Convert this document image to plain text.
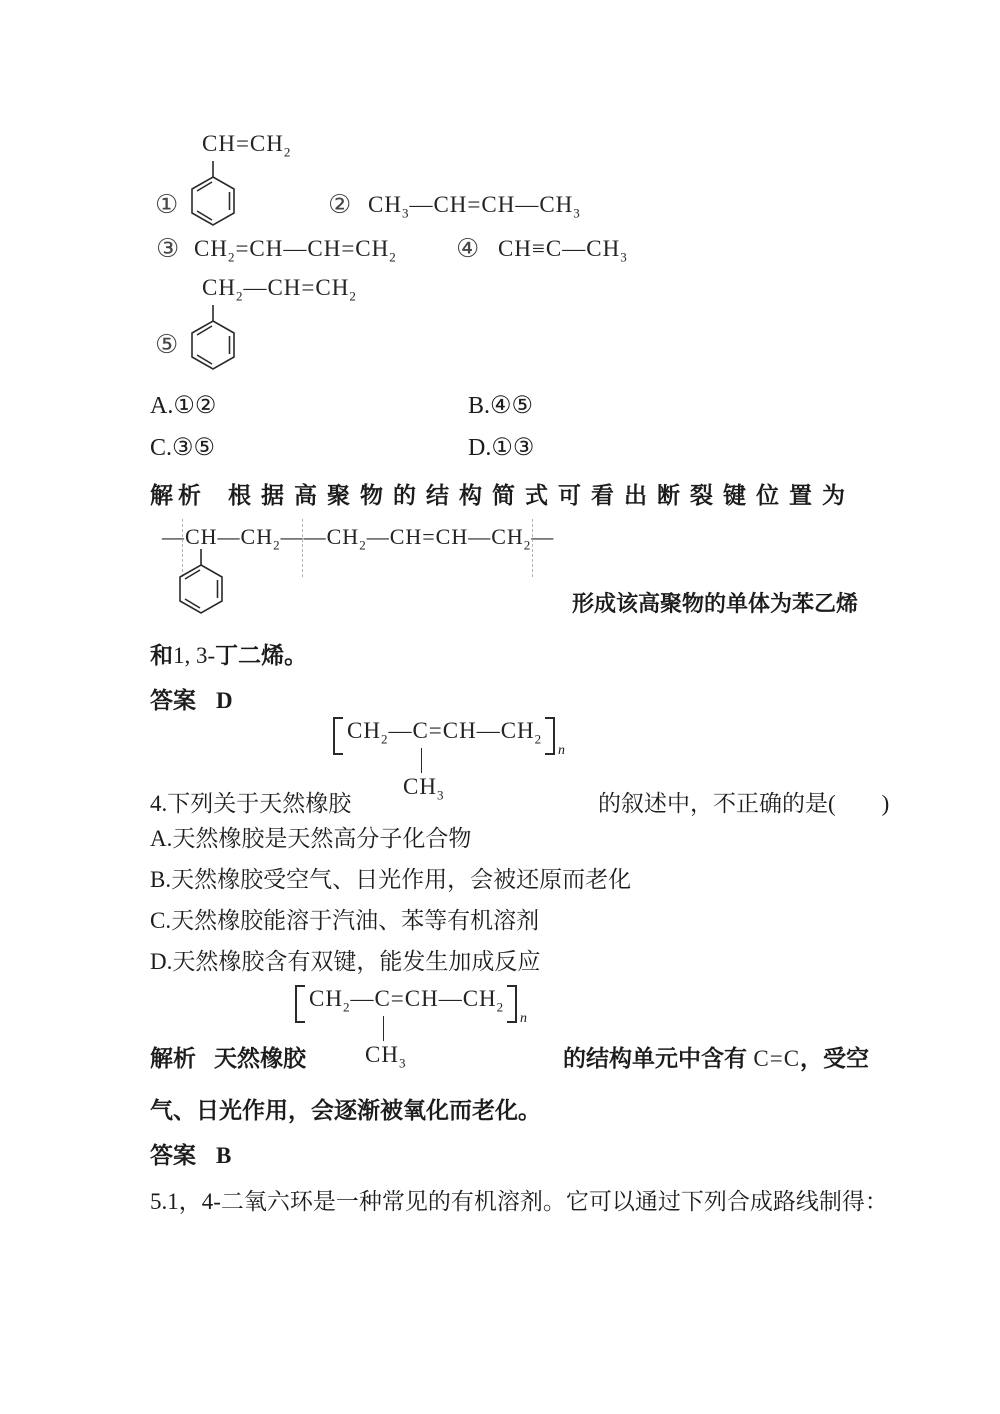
$CH=CH_2$
①	② $CH_3—CH=CH—CH_3$
③ $CH_2=CH—CH=CH_2$ ④ $CH\equiv C—CH_3$
$CH_2—CH=CH_2$
⑤
A.①②	B.④⑤
C.③⑤	D.①③
解析 根据高聚物的结构简式可看出断裂键位置为
$—CH—CH_2——CH_2—CH=CH—CH_2—$
形成该高聚物的单体为苯乙烯
和1, 3-丁二烯。
答案 D
$CH_2—C=CH—CH_2$
n
$CH_3$
4.下列关于天然橡胶	的叙述中，不正确的是(　　)
A.天然橡胶是天然高分子化合物
B.天然橡胶受空气、日光作用，会被还原而老化
C.天然橡胶能溶于汽油、苯等有机溶剂
D.天然橡胶含有双键，能发生加成反应
$CH_2—C=CH—CH_2$
n
$CH_3$
解析 天然橡胶	的结构单元中含有 C=C，受空
气、日光作用，会逐渐被氧化而老化。
答案 B
5.1，4-二氧六环是一种常见的有机溶剂。它可以通过下列合成路线制得：
